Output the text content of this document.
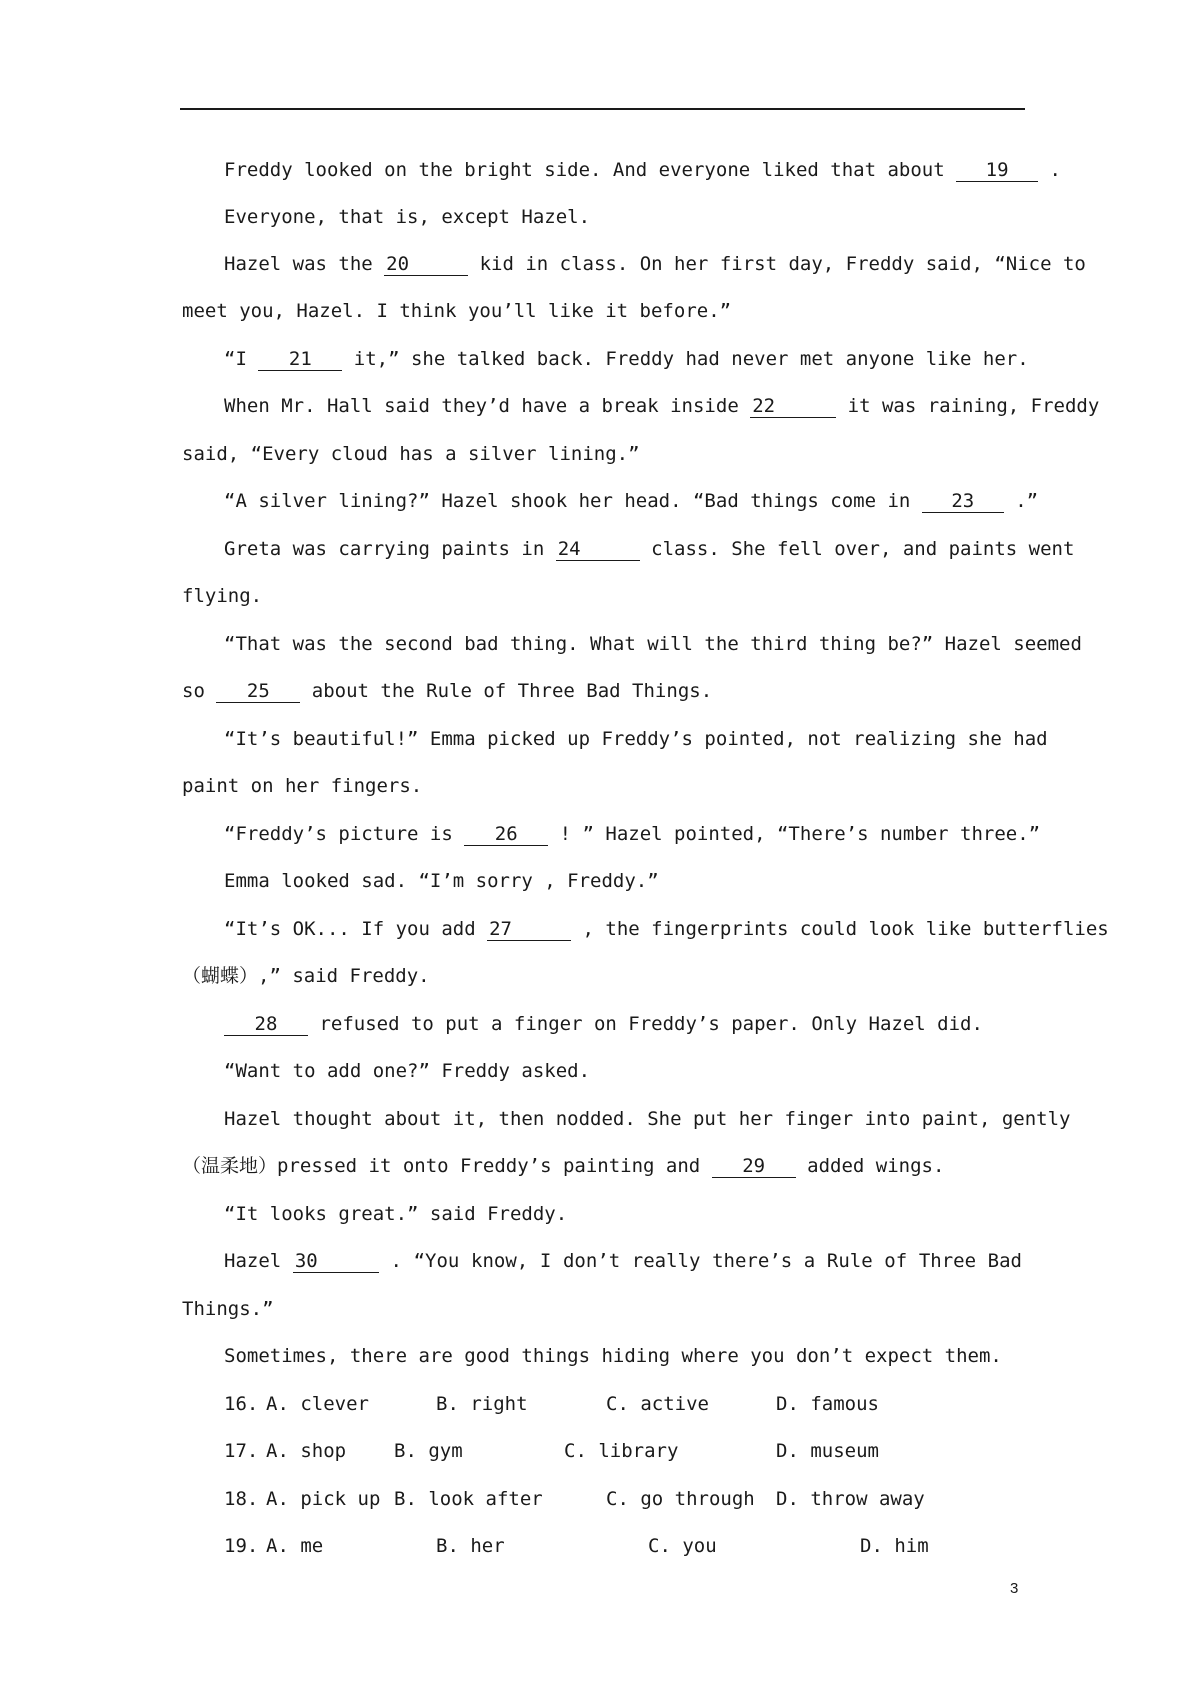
Freddy looked on the bright side. And everyone liked that about 19 .
Everyone, that is, except Hazel.
Hazel was the 20	kid in class. On her first day, Freddy said, “Nice to
meet you, Hazel. I think you’ll like it before.”
“I 21 it,” she talked back. Freddy had never met anyone like her.
When Mr. Hall said they’d have a break inside 22	it was raining, Freddy
said, “Every cloud has a silver lining.”
“A silver lining?” Hazel shook her head. “Bad things come in 23 .”
Greta was carrying paints in 24	class. She fell over, and paints went
flying.
“That was the second bad thing. What will the third thing be?” Hazel seemed
so 25 about the Rule of Three Bad Things.
“It’s beautiful!” Emma picked up Freddy’s pointed, not realizing she had
paint on her fingers.
“Freddy’s picture is 26 ! ” Hazel pointed, “There’s number three.”
Emma looked sad. “I’m sorry , Freddy.”
“It’s OK... If you add 27	, the fingerprints could look like butterflies
（蝴蝶）,” said Freddy.
28 refused to put a finger on Freddy’s paper. Only Hazel did.
“Want to add one?” Freddy asked.
Hazel thought about it, then nodded. She put her finger into paint, gently
（温柔地）pressed it onto Freddy’s painting and 29 added wings.
“It looks great.” said Freddy.
Hazel 30	. “You know, I don’t really there’s a Rule of Three Bad
Things.”
Sometimes, there are good things hiding where you don’t expect them.
16. A. clever	B. right	C. active	D. famous
17. A. shop	B. gym	C. library	D. museum
18. A. pick up B. look after	C. go through D. throw away
19. A. me	B. her	C. you	D. him
3
